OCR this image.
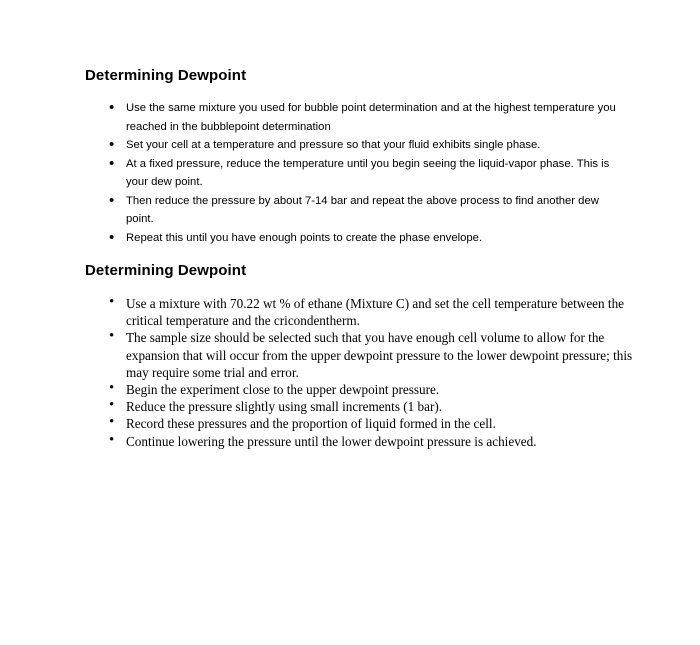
Determining Dewpoint
• Use the same mixture you used for bubble point determination and at the highest temperature you reached in the bubblepoint determination
• Set your cell at a temperature and pressure so that your fluid exhibits single phase.
• At a fixed pressure, reduce the temperature until you begin seeing the liquid-vapor phase. This is your dew point.
• Then reduce the pressure by about 7-14 bar and repeat the above process to find another dew point.
• Repeat this until you have enough points to create the phase envelope.
Determining Dewpoint
• Use a mixture with 70.22 wt % of ethane (Mixture C) and set the cell temperature between the critical temperature and the cricondentherm.
• The sample size should be selected such that you have enough cell volume to allow for the expansion that will occur from the upper dewpoint pressure to the lower dewpoint pressure; this may require some trial and error.
• Begin the experiment close to the upper dewpoint pressure.
• Reduce the pressure slightly using small increments (1 bar).
• Record these pressures and the proportion of liquid formed in the cell.
• Continue lowering the pressure until the lower dewpoint pressure is achieved.
